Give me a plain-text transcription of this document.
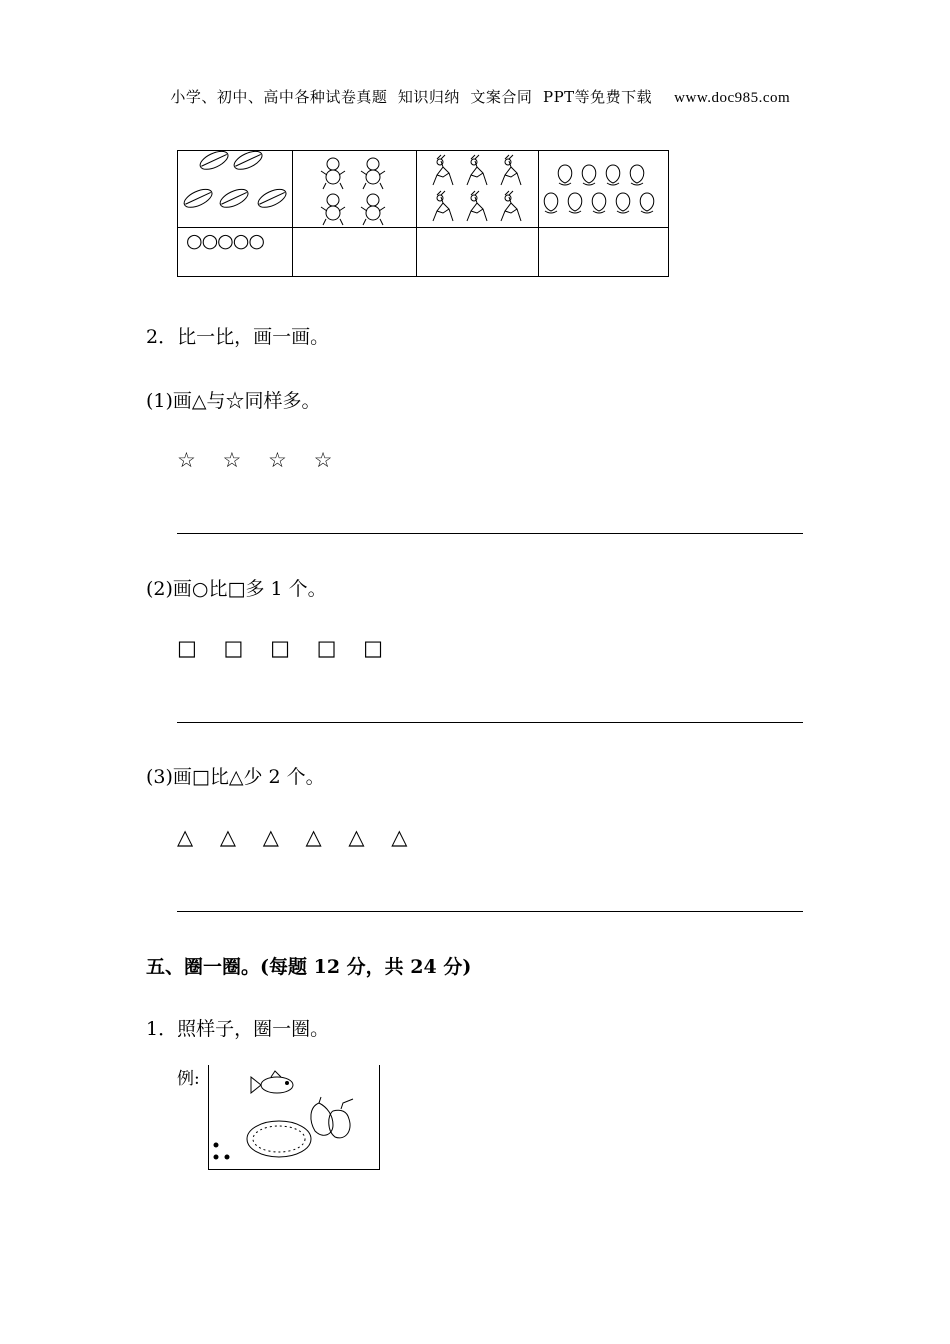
小学、初中、高中各种试卷真题  知识归纳  文案合同  PPT等免费下载 www.doc985.com

○○○○○			

2．比一比，画一画。
(1)画△与☆同样多。
☆    ☆    ☆    ☆
(2)画○比□多 1 个。
□    □    □    □    □
(3)画□比△少 2 个。
△    △    △    △    △    △
五、圈一圈。(每题 12 分，共 24 分)
1．照样子，圈一圈。
例:
